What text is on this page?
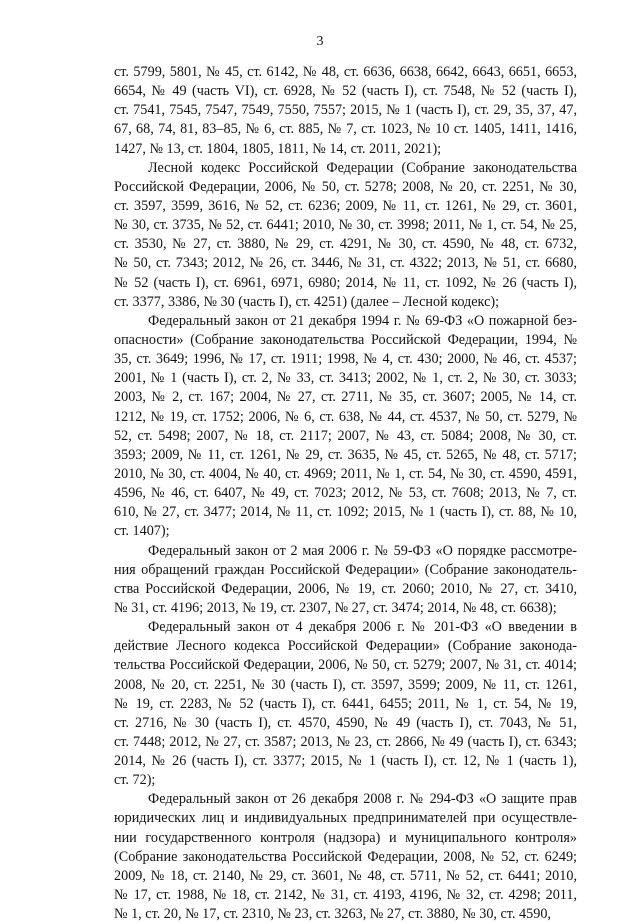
3
ст. 5799, 5801, № 45, ст. 6142, № 48, ст. 6636, 6638, 6642, 6643, 6651, 6653,
6654, № 49 (часть VI), ст. 6928, № 52 (часть I), ст. 7548, № 52 (часть I),
ст. 7541, 7545, 7547, 7549, 7550, 7557; 2015, № 1 (часть I), ст. 29, 35, 37, 47,
67, 68, 74, 81, 83–85, № 6, ст. 885, № 7, ст. 1023, № 10 ст. 1405, 1411, 1416,
1427, № 13, ст. 1804, 1805, 1811, № 14, ст. 2011, 2021);
Лесной кодекс Российской Федерации (Собрание законодательства
Российской Федерации, 2006, № 50, ст. 5278; 2008, № 20, ст. 2251, № 30,
ст. 3597, 3599, 3616, № 52, ст. 6236; 2009, № 11, ст. 1261, № 29, ст. 3601,
№ 30, ст. 3735, № 52, ст. 6441; 2010, № 30, ст. 3998; 2011, № 1, ст. 54, № 25,
ст. 3530, № 27, ст. 3880, № 29, ст. 4291, № 30, ст. 4590, № 48, ст. 6732,
№ 50, ст. 7343; 2012, № 26, ст. 3446, № 31, ст. 4322; 2013, № 51, ст. 6680,
№ 52 (часть I), ст. 6961, 6971, 6980; 2014, № 11, ст. 1092, № 26 (часть I),
ст. 3377, 3386, № 30 (часть I), ст. 4251) (далее – Лесной кодекс);
Федеральный закон от 21 декабря 1994 г. № 69-ФЗ «О пожарной без-
опасности» (Собрание законодательства Российской Федерации, 1994, №
35, ст. 3649; 1996, № 17, ст. 1911; 1998, № 4, ст. 430; 2000, № 46, ст. 4537;
2001, № 1 (часть I), ст. 2, № 33, ст. 3413; 2002, № 1, ст. 2, № 30, ст. 3033;
2003, № 2, ст. 167; 2004, № 27, ст. 2711, № 35, ст. 3607; 2005, № 14, ст.
1212, № 19, ст. 1752; 2006, № 6, ст. 638, № 44, ст. 4537, № 50, ст. 5279, №
52, ст. 5498; 2007, № 18, ст. 2117; 2007, № 43, ст. 5084; 2008, № 30, ст.
3593; 2009, № 11, ст. 1261, № 29, ст. 3635, № 45, ст. 5265, № 48, ст. 5717;
2010, № 30, ст. 4004, № 40, ст. 4969; 2011, № 1, ст. 54, № 30, ст. 4590, 4591,
4596, № 46, ст. 6407, № 49, ст. 7023; 2012, № 53, ст. 7608; 2013, № 7, ст.
610, № 27, ст. 3477; 2014, № 11, ст. 1092; 2015, № 1 (часть I), ст. 88, № 10,
ст. 1407);
Федеральный закон от 2 мая 2006 г. № 59-ФЗ «О порядке рассмотре-
ния обращений граждан Российской Федерации» (Собрание законодатель-
ства Российской Федерации, 2006, № 19, ст. 2060; 2010, № 27, ст. 3410,
№ 31, ст. 4196; 2013, № 19, ст. 2307, № 27, ст. 3474; 2014, № 48, ст. 6638);
Федеральный закон от 4 декабря 2006 г. № 201-ФЗ «О введении в
действие Лесного кодекса Российской Федерации» (Собрание законода-
тельства Российской Федерации, 2006, № 50, ст. 5279; 2007, № 31, ст. 4014;
2008, № 20, ст. 2251, № 30 (часть I), ст. 3597, 3599; 2009, № 11, ст. 1261,
№ 19, ст. 2283, № 52 (часть I), ст. 6441, 6455; 2011, № 1, ст. 54, № 19,
ст. 2716, № 30 (часть I), ст. 4570, 4590, № 49 (часть I), ст. 7043, № 51,
ст. 7448; 2012, № 27, ст. 3587; 2013, № 23, ст. 2866, № 49 (часть I), ст. 6343;
2014, № 26 (часть I), ст. 3377; 2015, № 1 (часть I), ст. 12, № 1 (часть 1),
ст. 72);
Федеральный закон от 26 декабря 2008 г. № 294-ФЗ «О защите прав
юридических лиц и индивидуальных предпринимателей при осуществле-
нии государственного контроля (надзора) и муниципального контроля»
(Собрание законодательства Российской Федерации, 2008, № 52, ст. 6249;
2009, № 18, ст. 2140, № 29, ст. 3601, № 48, ст. 5711, № 52, ст. 6441; 2010,
№ 17, ст. 1988, № 18, ст. 2142, № 31, ст. 4193, 4196, № 32, ст. 4298; 2011,
№ 1, ст. 20, № 17, ст. 2310, № 23, ст. 3263, № 27, ст. 3880, № 30, ст. 4590,
